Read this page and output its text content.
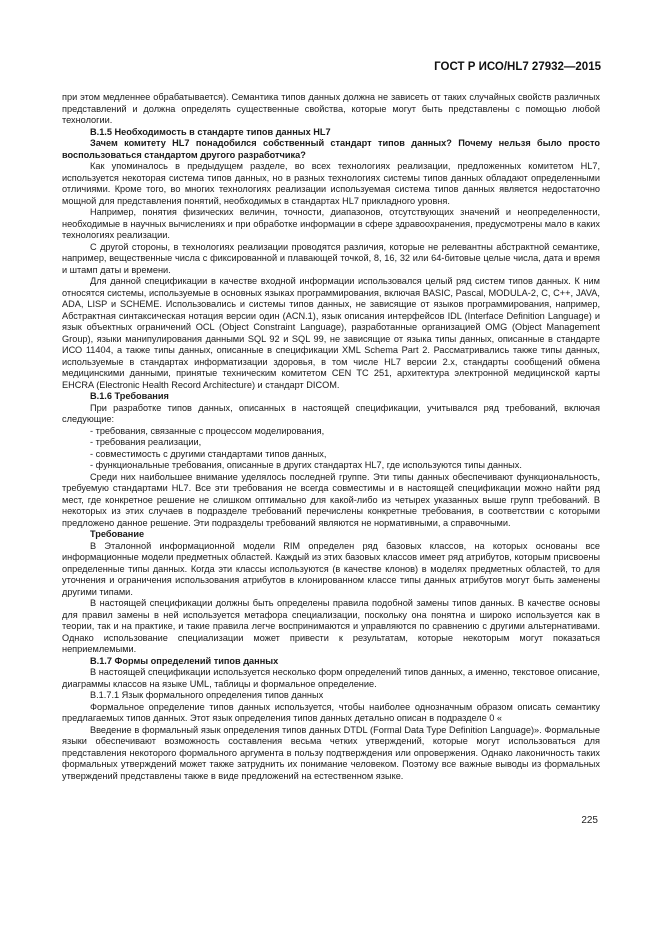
ГОСТ Р ИСО/HL7 27932—2015

при этом медленнее обрабатывается). Семантика типов данных должна не зависеть от таких случайных свойств различных представлений и должна определять существенные свойства, которые могут быть представлены с помощью любой технологии.

В.1.5 Необходимость в стандарте типов данных HL7

Зачем комитету HL7 понадобился собственный стандарт типов данных? Почему нельзя было просто воспользоваться стандартом другого разработчика?

Как упоминалось в предыдущем разделе, во всех технологиях реализации, предложенных комитетом HL7, используется некоторая система типов данных, но в разных технологиях системы типов данных обладают определенными отличиями. Кроме того, во многих технологиях реализации используемая система типов данных является недостаточно мощной для представления понятий, необходимых в стандартах HL7 прикладного уровня.

Например, понятия физических величин, точности, диапазонов, отсутствующих значений и неопределенности, необходимые в научных вычислениях и при обработке информации в сфере здравоохранения, предусмотрены мало в каких технологиях реализации.

С другой стороны, в технологиях реализации проводятся различия, которые не релевантны абстрактной семантике, например, вещественные числа с фиксированной и плавающей точкой, 8, 16, 32 или 64-битовые целые числа, дата и время и штамп даты и времени.

Для данной спецификации в качестве входной информации использовался целый ряд систем типов данных. К ним относятся системы, используемые в основных языках программирования, включая BASIC, Pascal, MODULA-2, C, C++, JAVA, ADA, LISP и SCHEME. Использовались и системы типов данных, не зависящие от языков программирования, например, Абстрактная синтаксическая нотация версии один (ACN.1), язык описания интерфейсов IDL (Interface Definition Language) и язык объектных ограничений OCL (Object Constraint Language), разработанные организацией OMG (Object Management Group), языки манипулирования данными SQL 92 и SQL 99, не зависящие от языка типы данных, описанные в стандарте ИСО 11404, а также типы данных, описанные в спецификации XML Schema Part 2. Рассматривались также типы данных, используемые в стандартах информатизации здоровья, в том числе HL7 версии 2.x, стандарты сообщений обмена медицинскими данными, принятые техническим комитетом CEN TC 251, архитектура электронной медицинской карты EHCRA (Electronic Health Record Architecture) и стандарт DICOM.

В.1.6 Требования

При разработке типов данных, описанных в настоящей спецификации, учитывался ряд требований, включая следующие:

- требования, связанные с процессом моделирования,

- требования реализации,

- совместимость с другими стандартами типов данных,

- функциональные требования, описанные в других стандартах HL7, где используются типы данных.

Среди них наибольшее внимание уделялось последней группе. Эти типы данных обеспечивают функциональность, требуемую стандартами HL7. Все эти требования не всегда совместимы и в настоящей спецификации можно найти ряд мест, где конкретное решение не слишком оптимально для какой-либо из четырех указанных выше групп требований. В некоторых из этих случаев в подразделе требований перечислены конкретные требования, в соответствии с которыми предложено данное решение. Эти подразделы требований являются не нормативными, а справочными.

Требование

В Эталонной информационной модели RIM определен ряд базовых классов, на которых основаны все информационные модели предметных областей. Каждый из этих базовых классов имеет ряд атрибутов, которым присвоены определенные типы данных. Когда эти классы используются (в качестве клонов) в моделях предметных областей, то для уточнения и ограничения использования атрибутов в клонированном классе типы данных атрибутов могут быть заменены другими типами.

В настоящей спецификации должны быть определены правила подобной замены типов данных. В качестве основы для правил замены в ней используется метафора специализации, поскольку она понятна и широко используется как в теории, так и на практике, и такие правила легче воспринимаются и управляются по сравнению с другими альтернативами. Однако использование специализации может привести к результатам, которые некоторым могут показаться неприемлемыми.

В.1.7 Формы определений типов данных

В настоящей спецификации используется несколько форм определений типов данных, а именно, текстовое описание, диаграммы классов на языке UML, таблицы и формальное определение.

В.1.7.1 Язык формального определения типов данных

Формальное определение типов данных используется, чтобы наиболее однозначным образом описать семантику предлагаемых типов данных. Этот язык определения типов данных детально описан в подразделе 0 «

Введение в формальный язык определения типов данных DTDL (Formal Data Type Definition Language)». Формальные языки обеспечивают возможность составления весьма четких утверждений, которые могут использоваться для представления некоторого формального аргумента в пользу подтверждения или опровержения. Однако лаконичность таких формальных утверждений может также затруднить их понимание человеком. Поэтому все важные выводы из формальных утверждений представлены также в виде предложений на естественном языке.

225
